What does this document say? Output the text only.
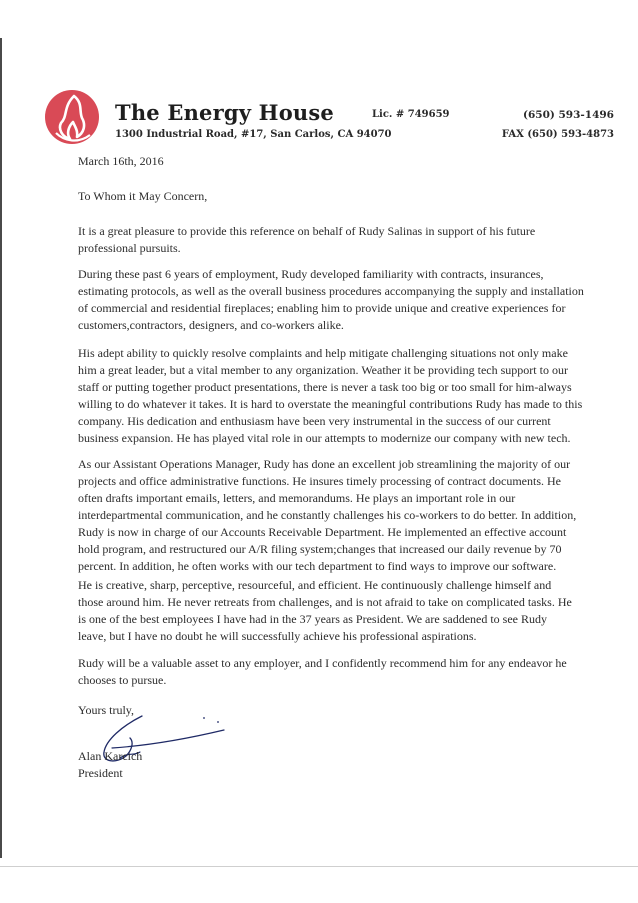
The Energy House	Lic. # 749659	(650) 593-1496
1300 Industrial Road, #17, San Carlos, CA 94070	FAX (650) 593-4873
March 16th, 2016
To Whom it May Concern,
It is a great pleasure to provide this reference on behalf of Rudy Salinas in support of his future
professional pursuits.
During these past 6 years of employment, Rudy developed familiarity with contracts, insurances,
estimating protocols, as well as the overall business procedures accompanying the supply and installation
of commercial and residential fireplaces; enabling him to provide unique and creative experiences for
customers,contractors, designers, and co-workers alike.
His adept ability to quickly resolve complaints and help mitigate challenging situations not only make
him a great leader, but a vital member to any organization. Weather it be providing tech support to our
staff or putting together product presentations, there is never a task too big or too small for him-always
willing to do whatever it takes. It is hard to overstate the meaningful contributions Rudy has made to this
company. His dedication and enthusiasm have been very instrumental in the success of our current
business expansion. He has played vital role in our attempts to modernize our company with new tech.
As our Assistant Operations Manager, Rudy has done an excellent job streamlining the majority of our
projects and office administrative functions. He insures timely processing of contract documents. He
often drafts important emails, letters, and memorandums. He plays an important role in our
interdepartmental communication, and he constantly challenges his co-workers to do better. In addition,
Rudy is now in charge of our Accounts Receivable Department. He implemented an effective account
hold program, and restructured our A/R filing system;changes that increased our daily revenue by 70
percent. In addition, he often works with our tech department to find ways to improve our software.
He is creative, sharp, perceptive, resourceful, and efficient. He continuously challenge himself and
those around him. He never retreats from challenges, and is not afraid to take on complicated tasks. He
is one of the best employees I have had in the 37 years as President. We are saddened to see Rudy
leave, but I have no doubt he will successfully achieve his professional aspirations.
Rudy will be a valuable asset to any employer, and I confidently recommend him for any endeavor he
chooses to pursue.
Yours truly,
Alan Karcich
President
